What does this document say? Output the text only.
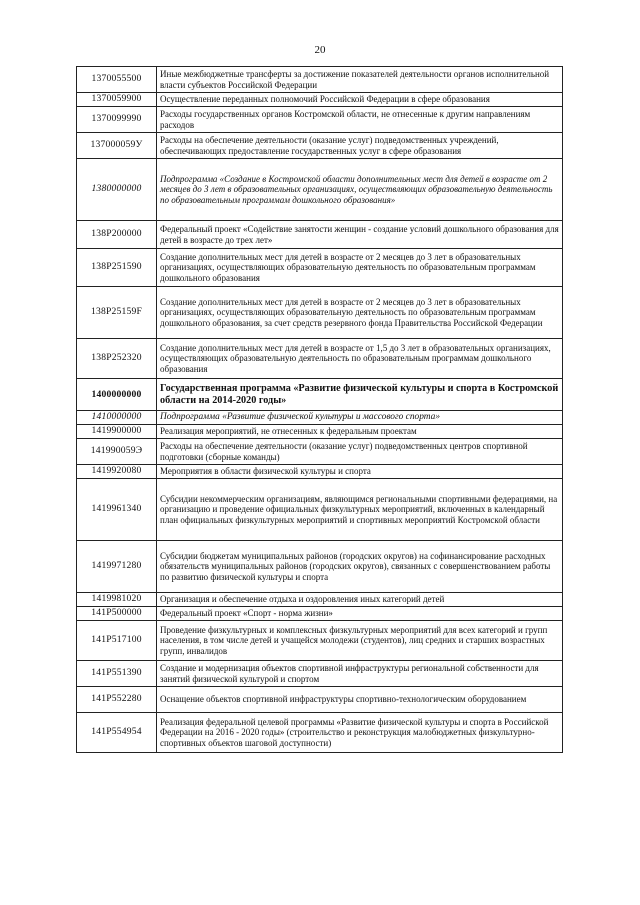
20
1370055500	Иные межбюджетные трансферты за достижение показателей деятельности органов исполнительной власти субъектов Российской Федерации
1370059900	Осуществление переданных полномочий Российской Федерации в сфере образования
1370099990	Расходы государственных органов Костромской области, не отнесенные к другим направлениям расходов
137000059У	Расходы на обеспечение деятельности (оказание услуг) подведомственных учреждений, обеспечивающих предоставление государственных услуг в сфере образования
1380000000	Подпрограмма «Создание в Костромской области дополнительных мест для детей в возрасте от 2 месяцев до 3 лет в образовательных организациях, осуществляющих образовательную деятельность по образовательным программам дошкольного образования»
138P200000	Федеральный проект «Содействие занятости женщин - создание условий дошкольного образования для детей в возрасте до трех лет»
138P251590	Создание дополнительных мест для детей в возрасте от 2 месяцев до 3 лет в образовательных организациях, осуществляющих образовательную деятельность по образовательным программам дошкольного образования
138P25159F	Создание дополнительных мест для детей в возрасте от 2 месяцев до 3 лет в образовательных организациях, осуществляющих образовательную деятельность по образовательным программам дошкольного образования, за счет средств резервного фонда Правительства Российской Федерации
138P252320	Создание дополнительных мест для детей в возрасте от 1,5 до 3 лет в образовательных организациях, осуществляющих образовательную деятельность по образовательным программам дошкольного образования
1400000000	Государственная программа «Развитие физической культуры и спорта в Костромской области на 2014-2020 годы»
1410000000	Подпрограмма «Развитие физической культуры и массового спорта»
1419900000	Реализация мероприятий, не отнесенных к федеральным проектам
141990059Э	Расходы на обеспечение деятельности (оказание услуг) подведомственных центров спортивной подготовки (сборные команды)
1419920080	Мероприятия в области физической культуры и спорта
1419961340	Субсидии некоммерческим организациям, являющимся региональными спортивными федерациями, на организацию и проведение официальных физкультурных мероприятий, включенных в календарный план официальных физкультурных мероприятий и спортивных мероприятий Костромской области
1419971280	Субсидии бюджетам муниципальных районов (городских округов) на софинансирование расходных обязательств муниципальных районов (городских округов), связанных с совершенствованием работы по развитию физической культуры и спорта
1419981020	Организация и обеспечение отдыха и оздоровления иных категорий детей
141P500000	Федеральный проект «Спорт - норма жизни»
141P517100	Проведение физкультурных и комплексных физкультурных мероприятий для всех категорий и групп населения, в том числе детей и учащейся молодежи (студентов), лиц средних и старших возрастных групп, инвалидов
141P551390	Создание и модернизация объектов спортивной инфраструктуры региональной собственности для занятий физической культурой и спортом
141P552280	Оснащение объектов спортивной инфраструктуры спортивно-технологическим оборудованием
141P554954	Реализация федеральной целевой программы «Развитие физической культуры и спорта в Российской Федерации на 2016 - 2020 годы» (строительство и реконструкция малобюджетных физкультурно-спортивных объектов шаговой доступности)
